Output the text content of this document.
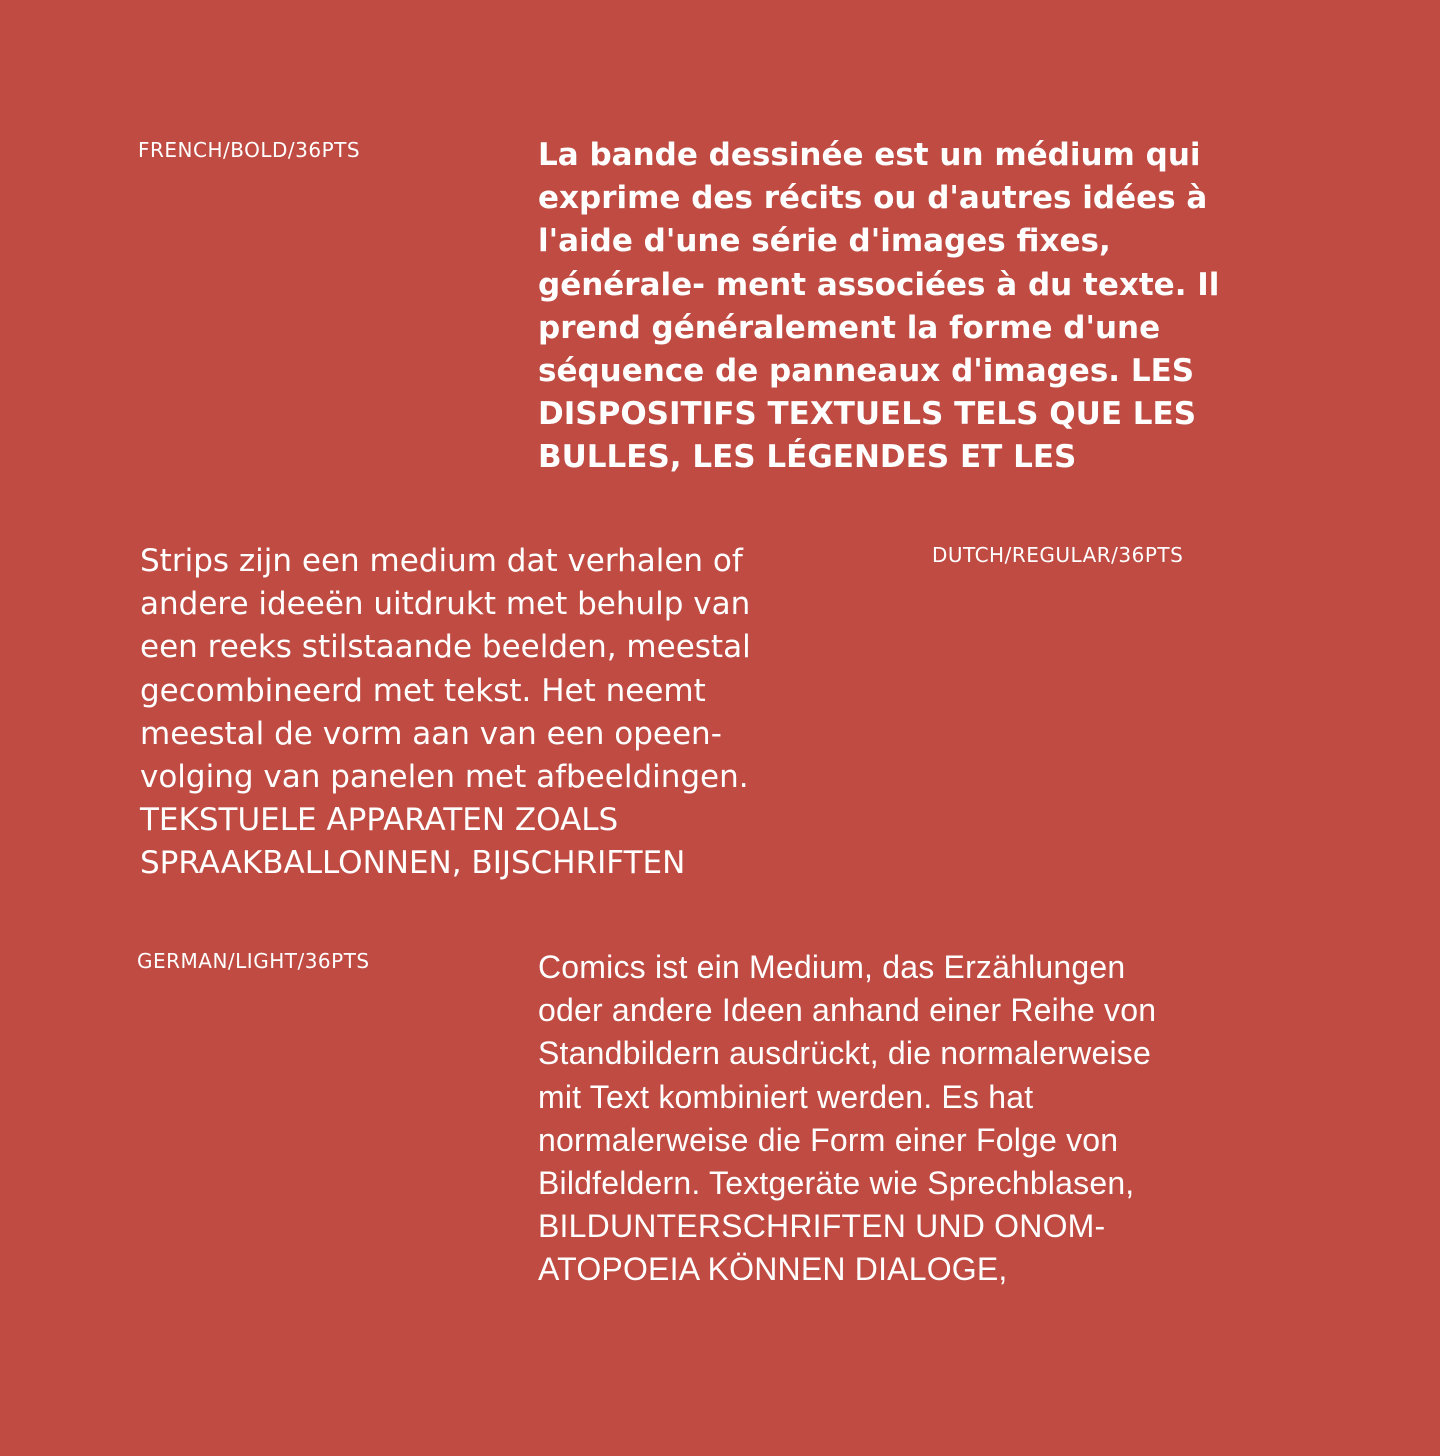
FRENCH/BOLD/36PTS	La bande dessinée est un médium qui
exprime des récits ou d'autres idées à
l'aide d'une série d'images fixes,
générale- ment associées à du texte. Il
prend généralement la forme d'une
séquence de panneaux d'images. LES
DISPOSITIFS TEXTUELS TELS QUE LES
BULLES, LES LÉGENDES ET LES

DUTCH/REGULAR/36PTS

Strips zijn een medium dat verhalen of
andere ideeën uitdrukt met behulp van
een reeks stilstaande beelden, meestal
gecombineerd met tekst. Het neemt
meestal de vorm aan van een opeen-
volging van panelen met afbeeldingen.
TEKSTUELE APPARATEN ZOALS
SPRAAKBALLONNEN, BIJSCHRIFTEN

GERMAN/LIGHT/36PTS	Comics ist ein Medium, das Erzählungen
oder andere Ideen anhand einer Reihe von
Standbildern ausdrückt, die normalerweise
mit Text kombiniert werden. Es hat
normalerweise die Form einer Folge von
Bildfeldern. Textgeräte wie Sprechblasen,
BILDUNTERSCHRIFTEN UND ONOM-
ATOPOEIA KÖNNEN DIALOGE,
